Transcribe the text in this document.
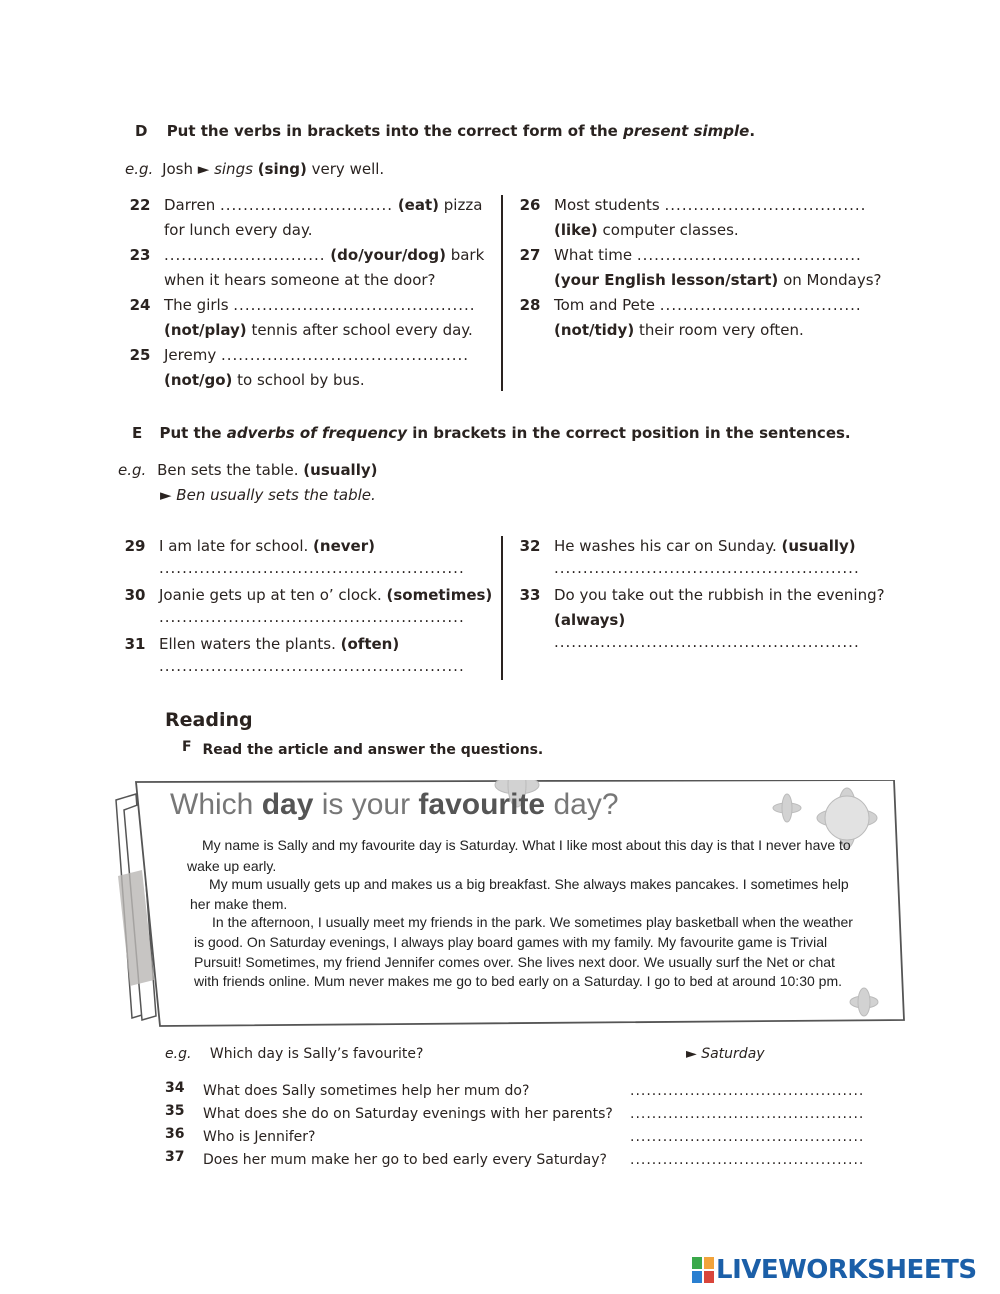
D Put the verbs in brackets into the correct form of the present simple.
e.g. Josh ► sings (sing) very well.
22 Darren .............................. (eat) pizza
for lunch every day.
23 ............................ (do/your/dog) bark
when it hears someone at the door?
24 The girls ..........................................
(not/play) tennis after school every day.
25 Jeremy ...........................................
(not/go) to school by bus.
26 Most students ...................................
(like) computer classes.
27 What time .......................................
(your English lesson/start) on Mondays?
28 Tom and Pete ...................................
(not/tidy) their room very often.
E Put the adverbs of frequency in brackets in the correct position in the sentences.
e.g. Ben sets the table. (usually)
► Ben usually sets the table.
29 I am late for school. (never)
.....................................................
30 Joanie gets up at ten o’ clock. (sometimes)
.....................................................
31 Ellen waters the plants. (often)
.....................................................
32 He washes his car on Sunday. (usually)
.....................................................
33 Do you take out the rubbish in the evening?
(always)
.....................................................
Reading
F Read the article and answer the questions.
Which day is your favourite day?
My name is Sally and my favourite day is Saturday. What I like most about this day is that I never have to
wake up early.
My mum usually gets up and makes us a big breakfast. She always makes pancakes. I sometimes help
her make them.
In the afternoon, I usually meet my friends in the park. We sometimes play basketball when the weather
is good. On Saturday evenings, I always play board games with my family. My favourite game is Trivial
Pursuit! Sometimes, my friend Jennifer comes over. She lives next door. We usually surf the Net or chat
with friends online. Mum never makes me go to bed early on a Saturday. I go to bed at around 10:30 pm.
e.g. Which day is Sally’s favourite?	► Saturday
34 What does Sally sometimes help her mum do?	...........................................
35 What does she do on Saturday evenings with her parents? ...........................................
36 Who is Jennifer?	...........................................
37 Does her mum make her go to bed early every Saturday? ...........................................
LIVEWORKSHEETS
